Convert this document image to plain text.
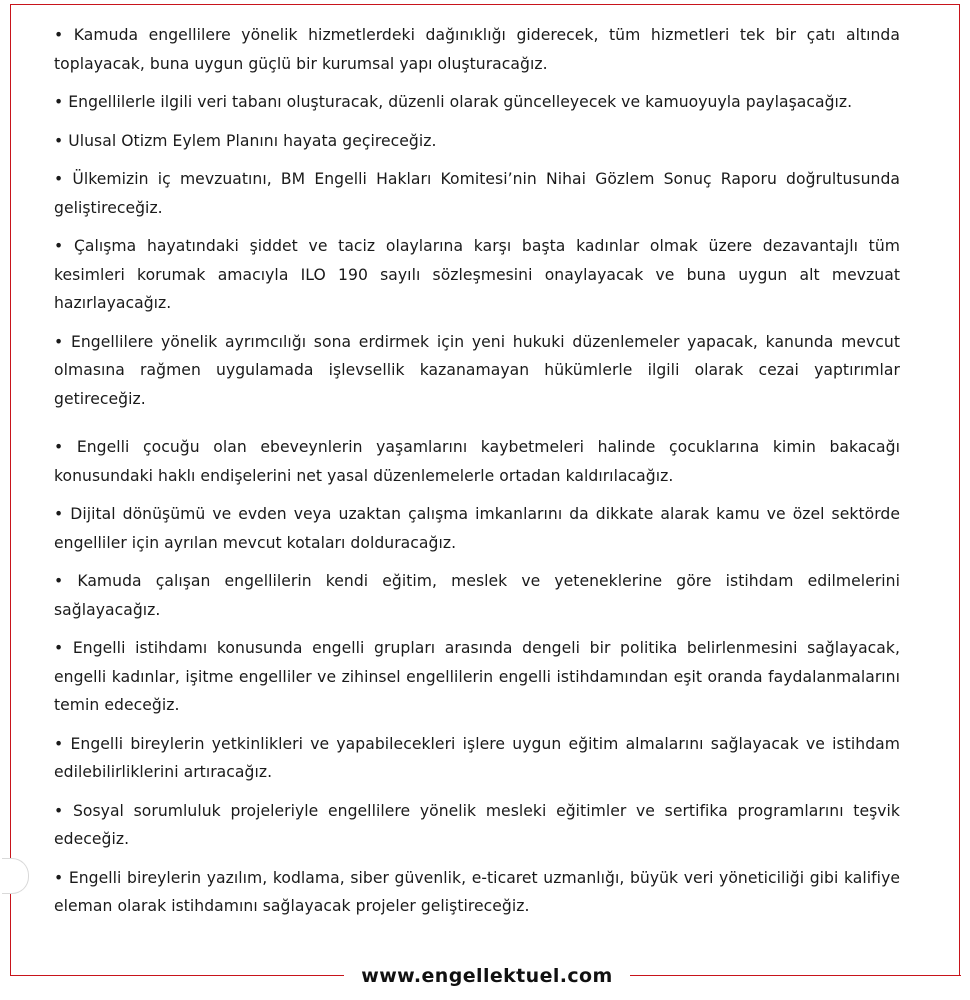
• Kamuda engellilere yönelik hizmetlerdeki dağınıklığı giderecek, tüm hizmetleri tek bir çatı altında toplayacak, buna uygun güçlü bir kurumsal yapı oluşturacağız.

• Engellilerle ilgili veri tabanı oluşturacak, düzenli olarak güncelleyecek ve kamuoyuyla paylaşacağız.

• Ulusal Otizm Eylem Planını hayata geçireceğiz.

• Ülkemizin iç mevzuatını, BM Engelli Hakları Komitesi’nin Nihai Gözlem Sonuç Raporu doğrultusunda geliştireceğiz.

• Çalışma hayatındaki şiddet ve taciz olaylarına karşı başta kadınlar olmak üzere dezavantajlı tüm kesimleri korumak amacıyla ILO 190 sayılı sözleşmesini onaylayacak ve buna uygun alt mevzuat hazırlayacağız.

• Engellilere yönelik ayrımcılığı sona erdirmek için yeni hukuki düzenlemeler yapacak, kanunda mevcut olmasına rağmen uygulamada işlevsellik kazanamayan hükümlerle ilgili olarak cezai yaptırımlar getireceğiz.

• Engelli çocuğu olan ebeveynlerin yaşamlarını kaybetmeleri halinde çocuklarına kimin bakacağı konusundaki haklı endişelerini net yasal düzenlemelerle ortadan kaldırılacağız.

• Dijital dönüşümü ve evden veya uzaktan çalışma imkanlarını da dikkate alarak kamu ve özel sektörde engelliler için ayrılan mevcut kotaları dolduracağız.

• Kamuda çalışan engellilerin kendi eğitim, meslek ve yeteneklerine göre istihdam edilmelerini sağlayacağız.

• Engelli istihdamı konusunda engelli grupları arasında dengeli bir politika belirlenmesini sağlayacak, engelli kadınlar, işitme engelliler ve zihinsel engellilerin engelli istihdamından eşit oranda faydalanmalarını temin edeceğiz.

• Engelli bireylerin yetkinlikleri ve yapabilecekleri işlere uygun eğitim almalarını sağlayacak ve istihdam edilebilirliklerini artıracağız.

• Sosyal sorumluluk projeleriyle engellilere yönelik mesleki eğitimler ve sertifika programlarını teşvik edeceğiz.

• Engelli bireylerin yazılım, kodlama, siber güvenlik, e-ticaret uzmanlığı, büyük veri yöneticiliği gibi kalifiye eleman olarak istihdamını sağlayacak projeler geliştireceğiz.

www.engellektuel.com
